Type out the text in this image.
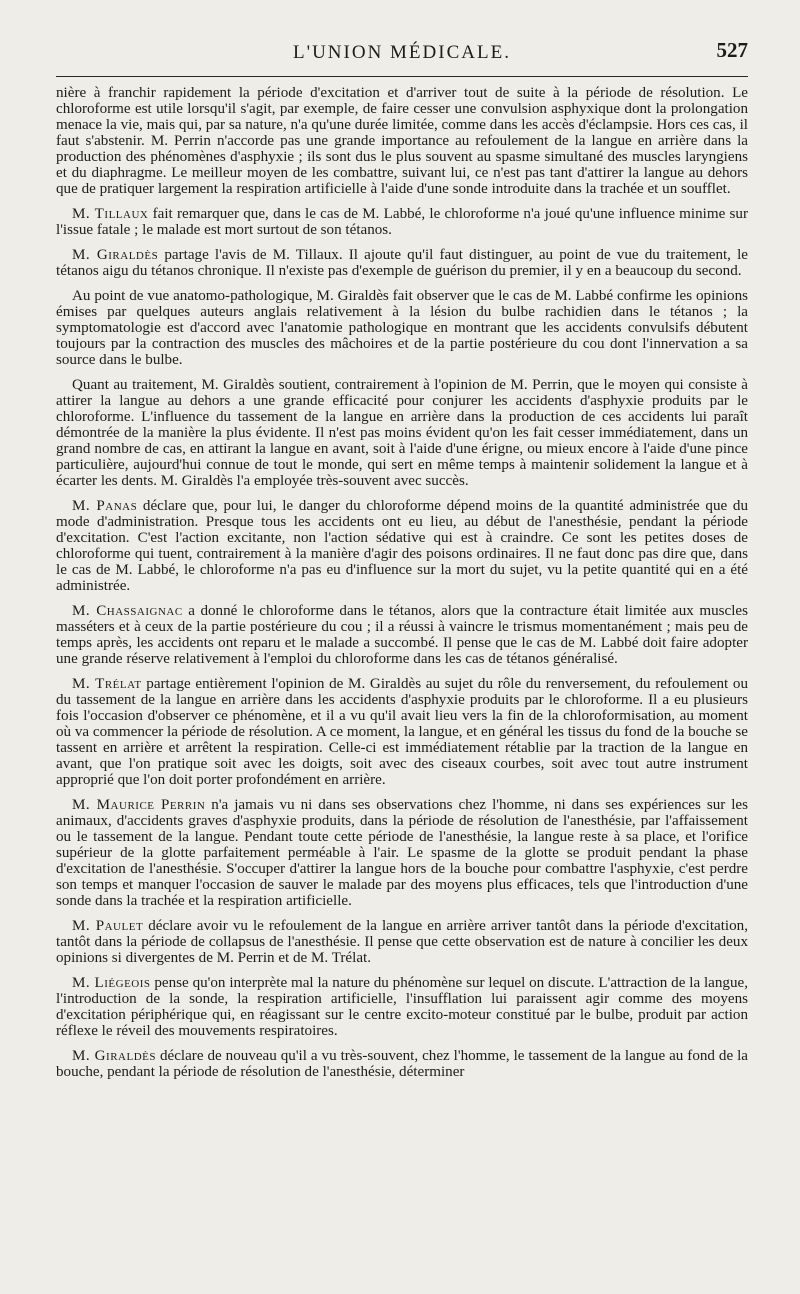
L'UNION MÉDICALE.	527

nière à franchir rapidement la période d'excitation et d'arriver tout de suite à la période de résolution. Le chloroforme est utile lorsqu'il s'agit, par exemple, de faire cesser une convulsion asphyxique dont la prolongation menace la vie, mais qui, par sa nature, n'a qu'une durée limitée, comme dans les accès d'éclampsie. Hors ces cas, il faut s'abstenir. M. Perrin n'accorde pas une grande importance au refoulement de la langue en arrière dans la production des phénomènes d'asphyxie ; ils sont dus le plus souvent au spasme simultané des muscles laryngiens et du diaphragme. Le meilleur moyen de les combattre, suivant lui, ce n'est pas tant d'attirer la langue au dehors que de pratiquer largement la respiration artificielle à l'aide d'une sonde introduite dans la trachée et un soufflet.

M. Tillaux fait remarquer que, dans le cas de M. Labbé, le chloroforme n'a joué qu'une influence minime sur l'issue fatale ; le malade est mort surtout de son tétanos.

M. Giraldès partage l'avis de M. Tillaux. Il ajoute qu'il faut distinguer, au point de vue du traitement, le tétanos aigu du tétanos chronique. Il n'existe pas d'exemple de guérison du premier, il y en a beaucoup du second.

Au point de vue anatomo-pathologique, M. Giraldès fait observer que le cas de M. Labbé confirme les opinions émises par quelques auteurs anglais relativement à la lésion du bulbe rachidien dans le tétanos ; la symptomatologie est d'accord avec l'anatomie pathologique en montrant que les accidents convulsifs débutent toujours par la contraction des muscles des mâchoires et de la partie postérieure du cou dont l'innervation a sa source dans le bulbe.

Quant au traitement, M. Giraldès soutient, contrairement à l'opinion de M. Perrin, que le moyen qui consiste à attirer la langue au dehors a une grande efficacité pour conjurer les accidents d'asphyxie produits par le chloroforme. L'influence du tassement de la langue en arrière dans la production de ces accidents lui paraît démontrée de la manière la plus évidente. Il n'est pas moins évident qu'on les fait cesser immédiatement, dans un grand nombre de cas, en attirant la langue en avant, soit à l'aide d'une érigne, ou mieux encore à l'aide d'une pince particulière, aujourd'hui connue de tout le monde, qui sert en même temps à maintenir solidement la langue et à écarter les dents. M. Giraldès l'a employée très-souvent avec succès.

M. Panas déclare que, pour lui, le danger du chloroforme dépend moins de la quantité administrée que du mode d'administration. Presque tous les accidents ont eu lieu, au début de l'anesthésie, pendant la période d'excitation. C'est l'action excitante, non l'action sédative qui est à craindre. Ce sont les petites doses de chloroforme qui tuent, contrairement à la manière d'agir des poisons ordinaires. Il ne faut donc pas dire que, dans le cas de M. Labbé, le chloroforme n'a pas eu d'influence sur la mort du sujet, vu la petite quantité qui en a été administrée.

M. Chassaignac a donné le chloroforme dans le tétanos, alors que la contracture était limitée aux muscles masséters et à ceux de la partie postérieure du cou ; il a réussi à vaincre le trismus momentanément ; mais peu de temps après, les accidents ont reparu et le malade a succombé. Il pense que le cas de M. Labbé doit faire adopter une grande réserve relativement à l'emploi du chloroforme dans les cas de tétanos généralisé.

M. Trélat partage entièrement l'opinion de M. Giraldès au sujet du rôle du renversement, du refoulement ou du tassement de la langue en arrière dans les accidents d'asphyxie produits par le chloroforme. Il a eu plusieurs fois l'occasion d'observer ce phénomène, et il a vu qu'il avait lieu vers la fin de la chloroformisation, au moment où va commencer la période de résolution. A ce moment, la langue, et en général les tissus du fond de la bouche se tassent en arrière et arrêtent la respiration. Celle-ci est immédiatement rétablie par la traction de la langue en avant, que l'on pratique soit avec les doigts, soit avec des ciseaux courbes, soit avec tout autre instrument approprié que l'on doit porter profondément en arrière.

M. Maurice Perrin n'a jamais vu ni dans ses observations chez l'homme, ni dans ses expériences sur les animaux, d'accidents graves d'asphyxie produits, dans la période de résolution de l'anesthésie, par l'affaissement ou le tassement de la langue. Pendant toute cette période de l'anesthésie, la langue reste à sa place, et l'orifice supérieur de la glotte parfaitement perméable à l'air. Le spasme de la glotte se produit pendant la phase d'excitation de l'anesthésie. S'occuper d'attirer la langue hors de la bouche pour combattre l'asphyxie, c'est perdre son temps et manquer l'occasion de sauver le malade par des moyens plus efficaces, tels que l'introduction d'une sonde dans la trachée et la respiration artificielle.

M. Paulet déclare avoir vu le refoulement de la langue en arrière arriver tantôt dans la période d'excitation, tantôt dans la période de collapsus de l'anesthésie. Il pense que cette observation est de nature à concilier les deux opinions si divergentes de M. Perrin et de M. Trélat.

M. Liégeois pense qu'on interprète mal la nature du phénomène sur lequel on discute. L'attraction de la langue, l'introduction de la sonde, la respiration artificielle, l'insufflation lui paraissent agir comme des moyens d'excitation périphérique qui, en réagissant sur le centre excito-moteur constitué par le bulbe, produit par action réflexe le réveil des mouvements respiratoires.

M. Giraldès déclare de nouveau qu'il a vu très-souvent, chez l'homme, le tassement de la langue au fond de la bouche, pendant la période de résolution de l'anesthésie, déterminer
